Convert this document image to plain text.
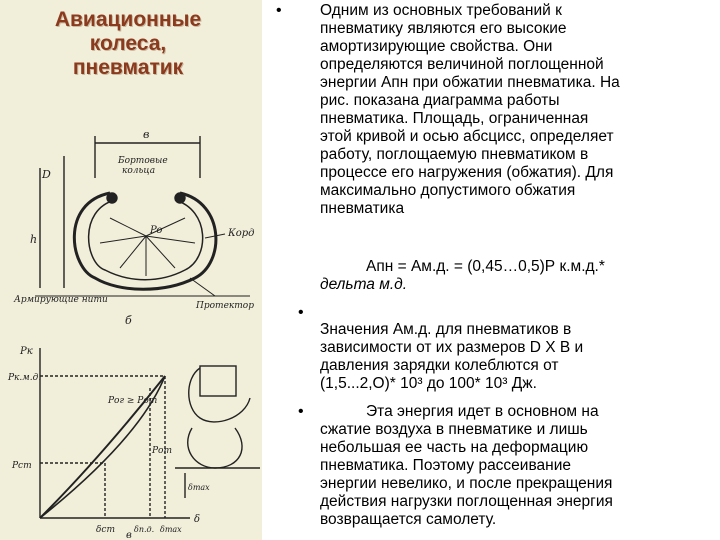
Авиационные
колеса,
пневматик
в
Бортовые
кольца
D
h
Po	Корд
Армирующие нити
Протектор
б
Pк
Pк.м.д.
Pст
Pог ≥ Pот
Pот
δст δп.д. δmax
δ
в
δmax
• Одним из основных требований к
пневматику являются его высокие
амортизирующие свойства. Они
определяются величиной поглощенной
энергии Апн при обжатии пневматика. На
рис. показана диаграмма работы
пневматика. Площадь, ограниченная
этой кривой и осью абсцисс, определяет
работу, поглощаемую пневматиком в
процессе его нагружения (обжатия). Для
максимально допустимого обжатия
пневматика
Апн = Ам.д. = (0,45…0,5)Р к.м.д.*
дельта м.д.
•
Значения Ам.д. для пневматиков в
зависимости от их размеров D X В и
давления зарядки колеблются от
(1,5...2,О)* 10³ до 100* 10³ Дж.
•	Эта энергия идет в основном на
сжатие воздуха в пневматике и лишь
небольшая ее часть на деформацию
пневматика. Поэтому рассеивание
энергии невелико, и после прекращения
действия нагрузки поглощенная энергия
возвращается самолету.
